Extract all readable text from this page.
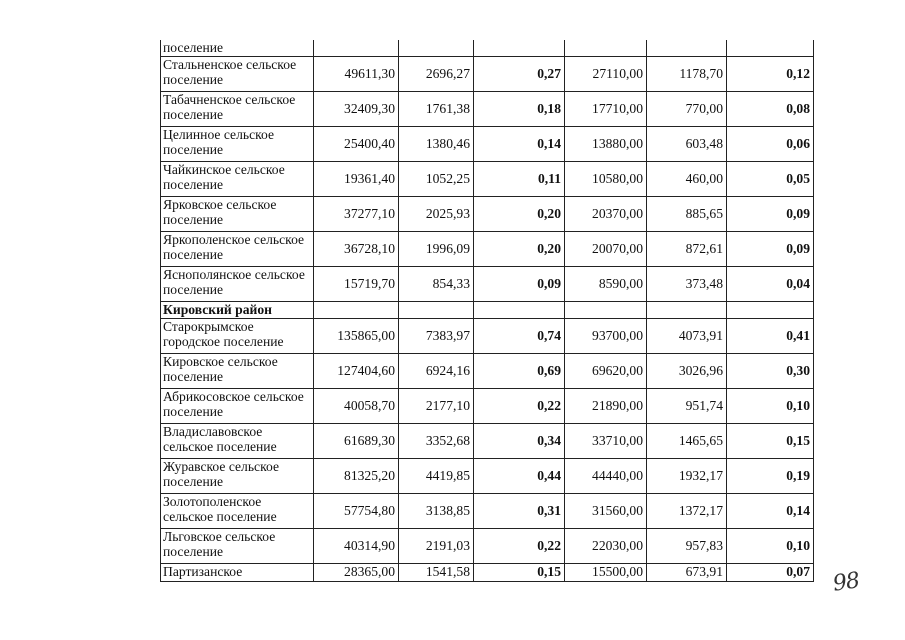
поселение						
Стальненское сельское поселение	49611,30	2696,27	0,27	27110,00	1178,70	0,12
Табачненское сельское поселение	32409,30	1761,38	0,18	17710,00	770,00	0,08
Целинное сельское поселение	25400,40	1380,46	0,14	13880,00	603,48	0,06
Чайкинское сельское поселение	19361,40	1052,25	0,11	10580,00	460,00	0,05
Ярковское сельское поселение	37277,10	2025,93	0,20	20370,00	885,65	0,09
Яркополенское сельское поселение	36728,10	1996,09	0,20	20070,00	872,61	0,09
Яснополянское сельское поселение	15719,70	854,33	0,09	8590,00	373,48	0,04
Кировский район						
Старокрымское городское поселение	135865,00	7383,97	0,74	93700,00	4073,91	0,41
Кировское сельское поселение	127404,60	6924,16	0,69	69620,00	3026,96	0,30
Абрикосовское сельское поселение	40058,70	2177,10	0,22	21890,00	951,74	0,10
Владиславовское сельское поселение	61689,30	3352,68	0,34	33710,00	1465,65	0,15
Журавское сельское поселение	81325,20	4419,85	0,44	44440,00	1932,17	0,19
Золотополенское сельское поселение	57754,80	3138,85	0,31	31560,00	1372,17	0,14
Льговское сельское поселение	40314,90	2191,03	0,22	22030,00	957,83	0,10
Партизанское	28365,00	1541,58	0,15	15500,00	673,91	0,07 98
